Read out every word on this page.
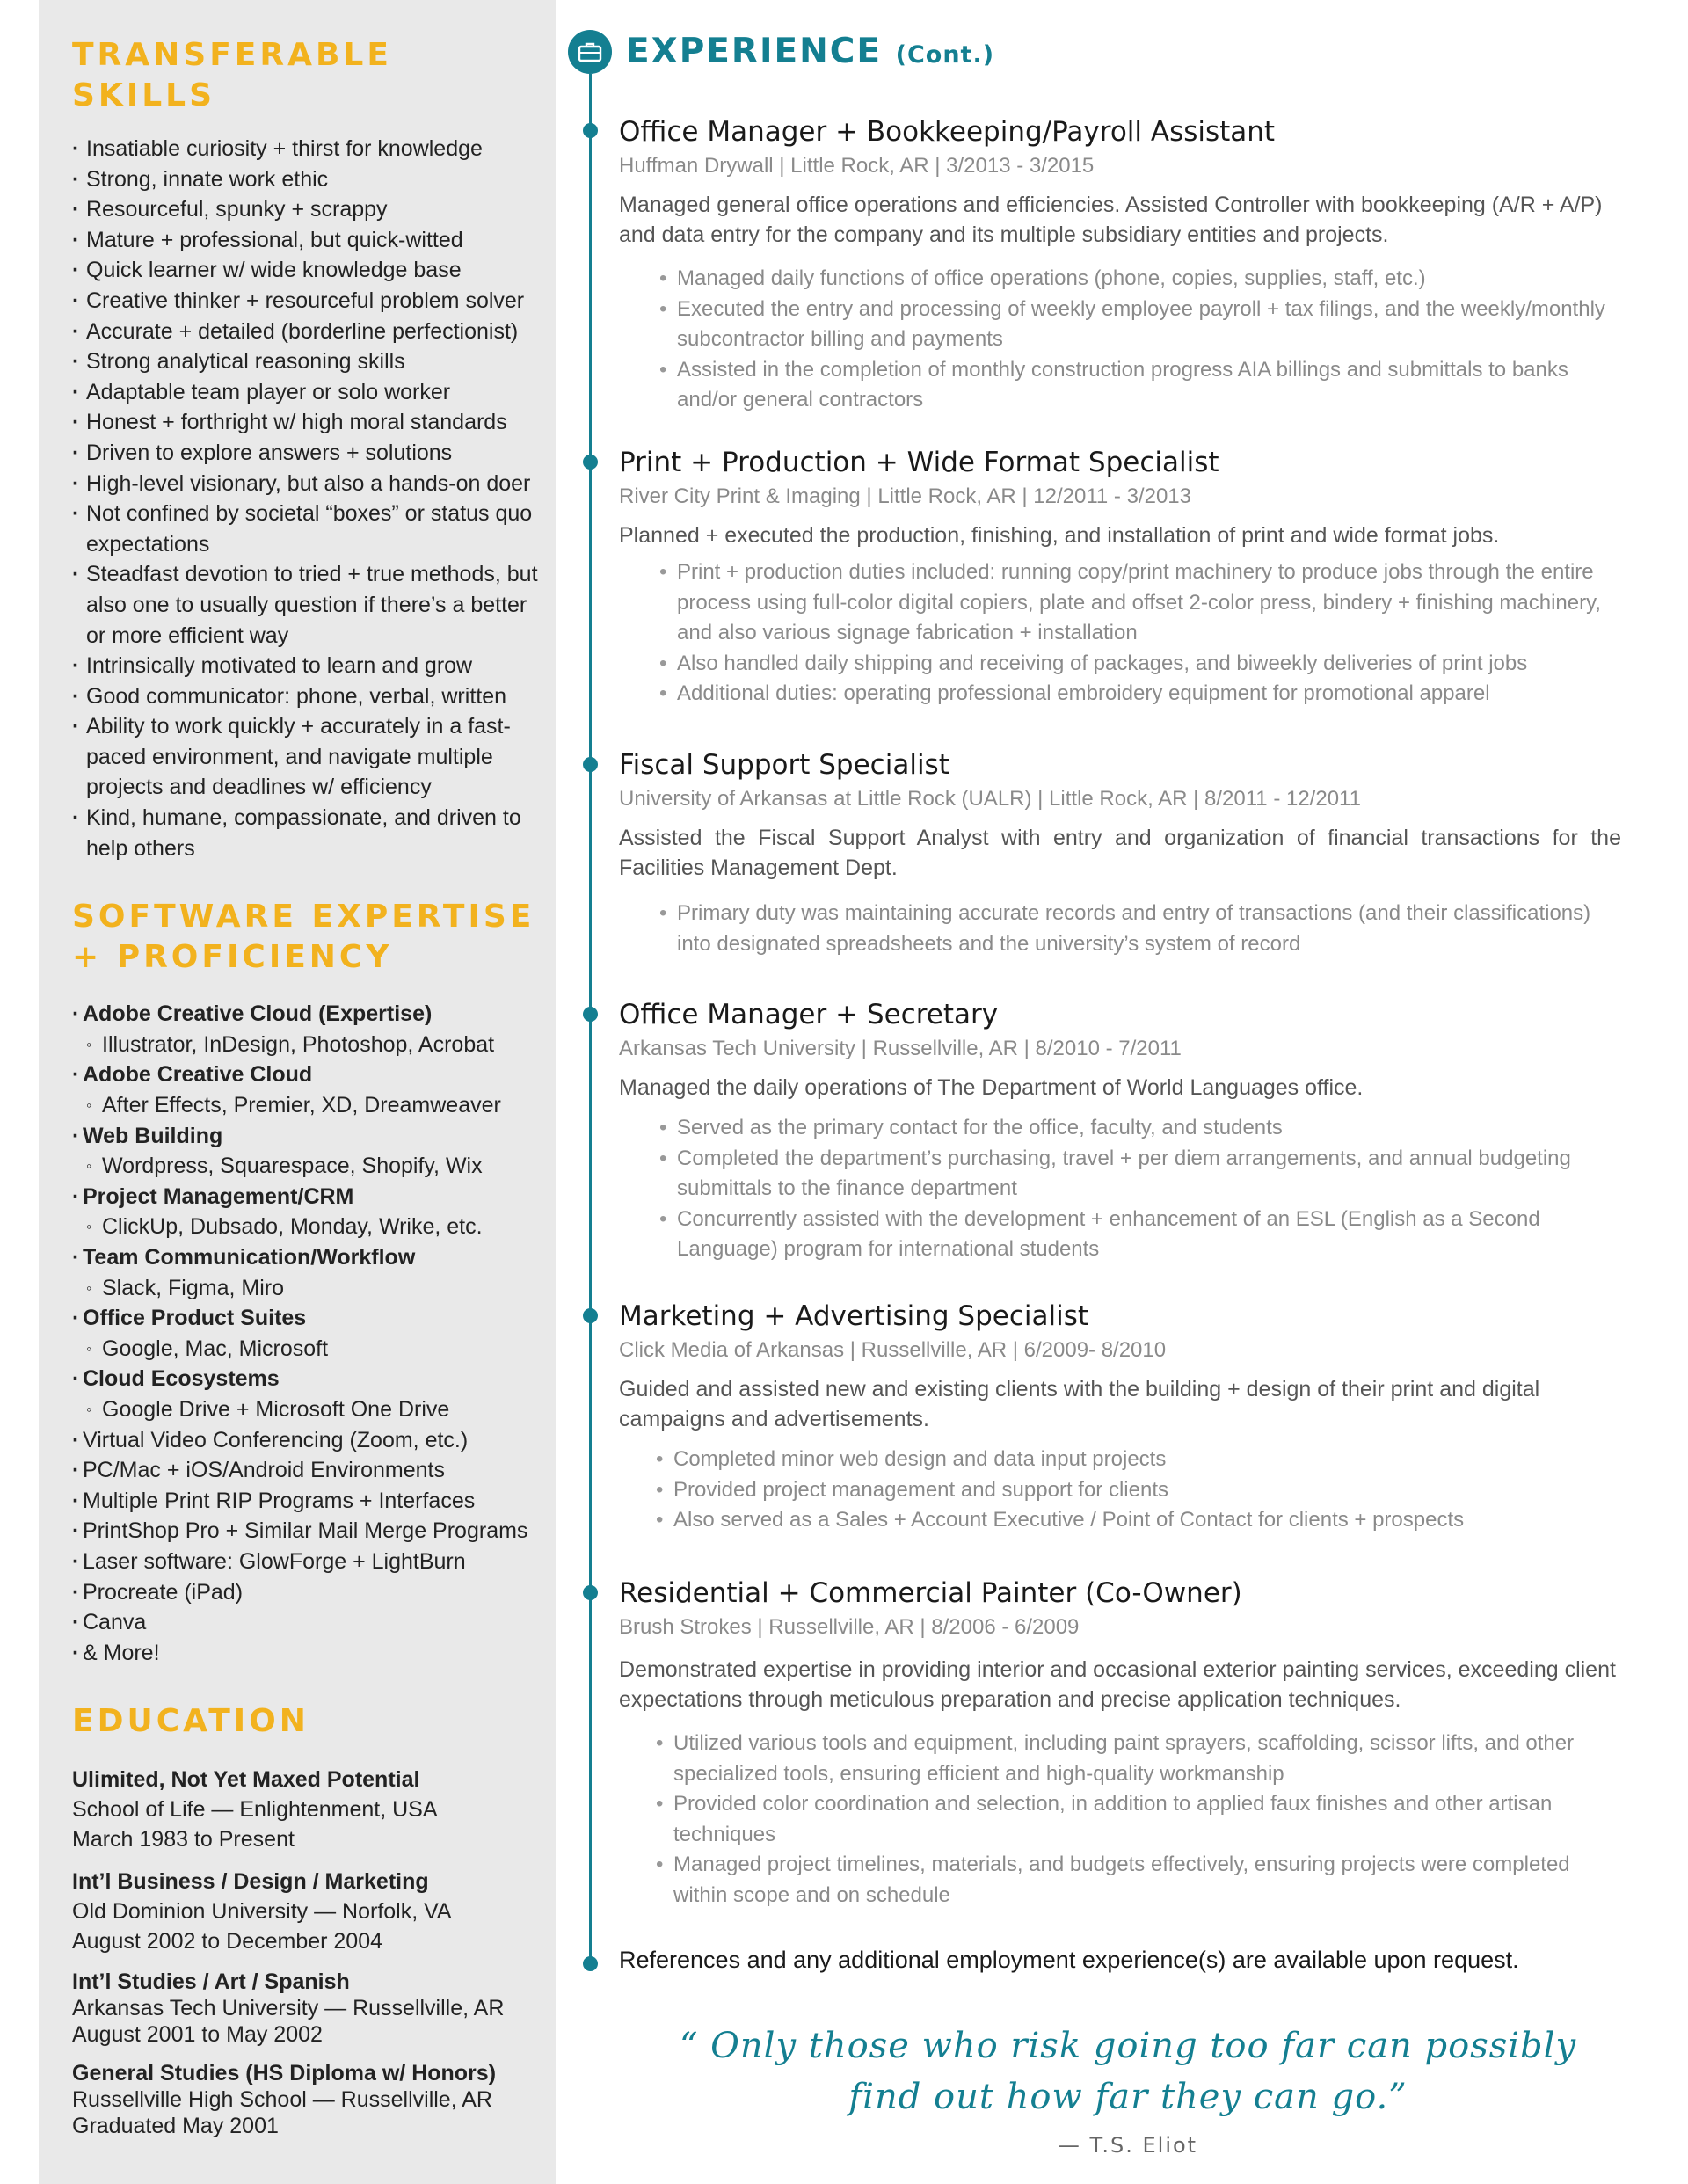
TRANSFERABLE SKILLS
· Insatiable curiosity + thirst for knowledge
· Strong, innate work ethic
· Resourceful, spunky + scrappy
· Mature + professional, but quick-witted
· Quick learner w/ wide knowledge base
· Creative thinker + resourceful problem solver
· Accurate + detailed (borderline perfectionist)
· Strong analytical reasoning skills
· Adaptable team player or solo worker
· Honest + forthright w/ high moral standards
· Driven to explore answers + solutions
· High-level visionary, but also a hands-on doer
· Not confined by societal “boxes” or status quo expectations
· Steadfast devotion to tried + true methods, but also one to usually question if there’s a better or more efficient way
· Intrinsically motivated to learn and grow
· Good communicator: phone, verbal, written
· Ability to work quickly + accurately in a fast-paced environment, and navigate multiple projects and deadlines w/ efficiency
· Kind, humane, compassionate, and driven to help others
SOFTWARE EXPERTISE + PROFICIENCY
· Adobe Creative Cloud (Expertise)
◦ Illustrator, InDesign, Photoshop, Acrobat
· Adobe Creative Cloud
◦ After Effects, Premier, XD, Dreamweaver
· Web Building
◦ Wordpress, Squarespace, Shopify, Wix
· Project Management/CRM
◦ ClickUp, Dubsado, Monday, Wrike, etc.
· Team Communication/Workflow
◦ Slack, Figma, Miro
· Office Product Suites
◦ Google, Mac, Microsoft
· Cloud Ecosystems
◦ Google Drive + Microsoft One Drive
· Virtual Video Conferencing (Zoom, etc.)
· PC/Mac + iOS/Android Environments
· Multiple Print RIP Programs + Interfaces
· PrintShop Pro + Similar Mail Merge Programs
· Laser software: GlowForge + LightBurn
· Procreate (iPad)
· Canva
· & More!
EDUCATION
Ulimited, Not Yet Maxed Potential
School of Life — Enlightenment, USA
March 1983 to Present
Int’l Business / Design / Marketing
Old Dominion University — Norfolk, VA
August 2002 to December 2004
Int’l Studies / Art / Spanish
Arkansas Tech University — Russellville, AR
August 2001 to May 2002
General Studies (HS Diploma w/ Honors)
Russellville High School — Russellville, AR
Graduated May 2001
EXPERIENCE (Cont.)
Office Manager + Bookkeeping/Payroll Assistant
Huffman Drywall | Little Rock, AR | 3/2013 - 3/2015
Managed general office operations and efficiencies. Assisted Controller with bookkeeping (A/R + A/P) and data entry for the company and its multiple subsidiary entities and projects.
• Managed daily functions of office operations (phone, copies, supplies, staff, etc.)
• Executed the entry and processing of weekly employee payroll + tax filings, and the weekly/monthly subcontractor billing and payments
• Assisted in the completion of monthly construction progress AIA billings and submittals to banks and/or general contractors
Print + Production + Wide Format Specialist
River City Print & Imaging | Little Rock, AR | 12/2011 - 3/2013
Planned + executed the production, finishing, and installation of print and wide format jobs.
• Print + production duties included: running copy/print machinery to produce jobs through the entire process using full-color digital copiers, plate and offset 2-color press, bindery + finishing machinery, and also various signage fabrication + installation
• Also handled daily shipping and receiving of packages, and biweekly deliveries of print jobs
• Additional duties: operating professional embroidery equipment for promotional apparel
Fiscal Support Specialist
University of Arkansas at Little Rock (UALR) | Little Rock, AR | 8/2011 - 12/2011
Assisted the Fiscal Support Analyst with entry and organization of financial transactions for the Facilities Management Dept.
• Primary duty was maintaining accurate records and entry of transactions (and their classifications) into designated spreadsheets and the university’s system of record
Office Manager + Secretary
Arkansas Tech University | Russellville, AR | 8/2010 - 7/2011
Managed the daily operations of The Department of World Languages office.
• Served as the primary contact for the office, faculty, and students
• Completed the department’s purchasing, travel + per diem arrangements, and annual budgeting submittals to the finance department
• Concurrently assisted with the development + enhancement of an ESL (English as a Second Language) program for international students
Marketing + Advertising Specialist
Click Media of Arkansas | Russellville, AR | 6/2009- 8/2010
Guided and assisted new and existing clients with the building + design of their print and digital campaigns and advertisements.
• Completed minor web design and data input projects
• Provided project management and support for clients
• Also served as a Sales + Account Executive / Point of Contact for clients + prospects
Residential + Commercial Painter (Co-Owner)
Brush Strokes | Russellville, AR | 8/2006 - 6/2009
Demonstrated expertise in providing interior and occasional exterior painting services, exceeding client expectations through meticulous preparation and precise application techniques.
• Utilized various tools and equipment, including paint sprayers, scaffolding, scissor lifts, and other specialized tools, ensuring efficient and high-quality workmanship
• Provided color coordination and selection, in addition to applied faux finishes and other artisan techniques
• Managed project timelines, materials, and budgets effectively, ensuring projects were completed within scope and on schedule
References and any additional employment experience(s) are available upon request.
“ Only those who risk going too far can possibly
find out how far they can go.”
— T.S. Eliot
